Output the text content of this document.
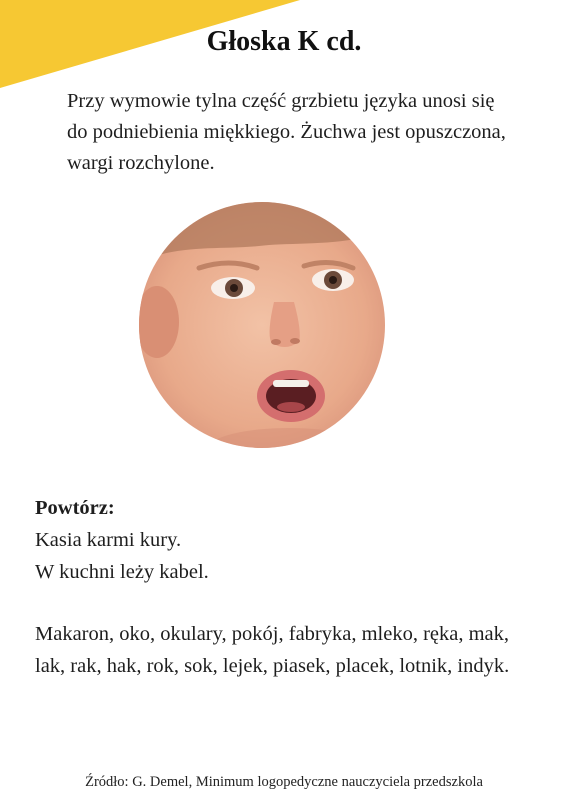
Głoska K cd.

Przy wymowie tylna część grzbietu języka unosi się do podniebienia miękkiego. Żuchwa jest opuszczona, wargi rozchylone.

Powtórz:

Kasia karmi kury.

W kuchni leży kabel.

Makaron, oko, okulary, pokój, fabryka, mleko, ręka, mak, lak, rak, hak, rok, sok, lejek, piasek, placek, lotnik, indyk.

Źródło: G. Demel, Minimum logopedyczne nauczyciela przedszkola
